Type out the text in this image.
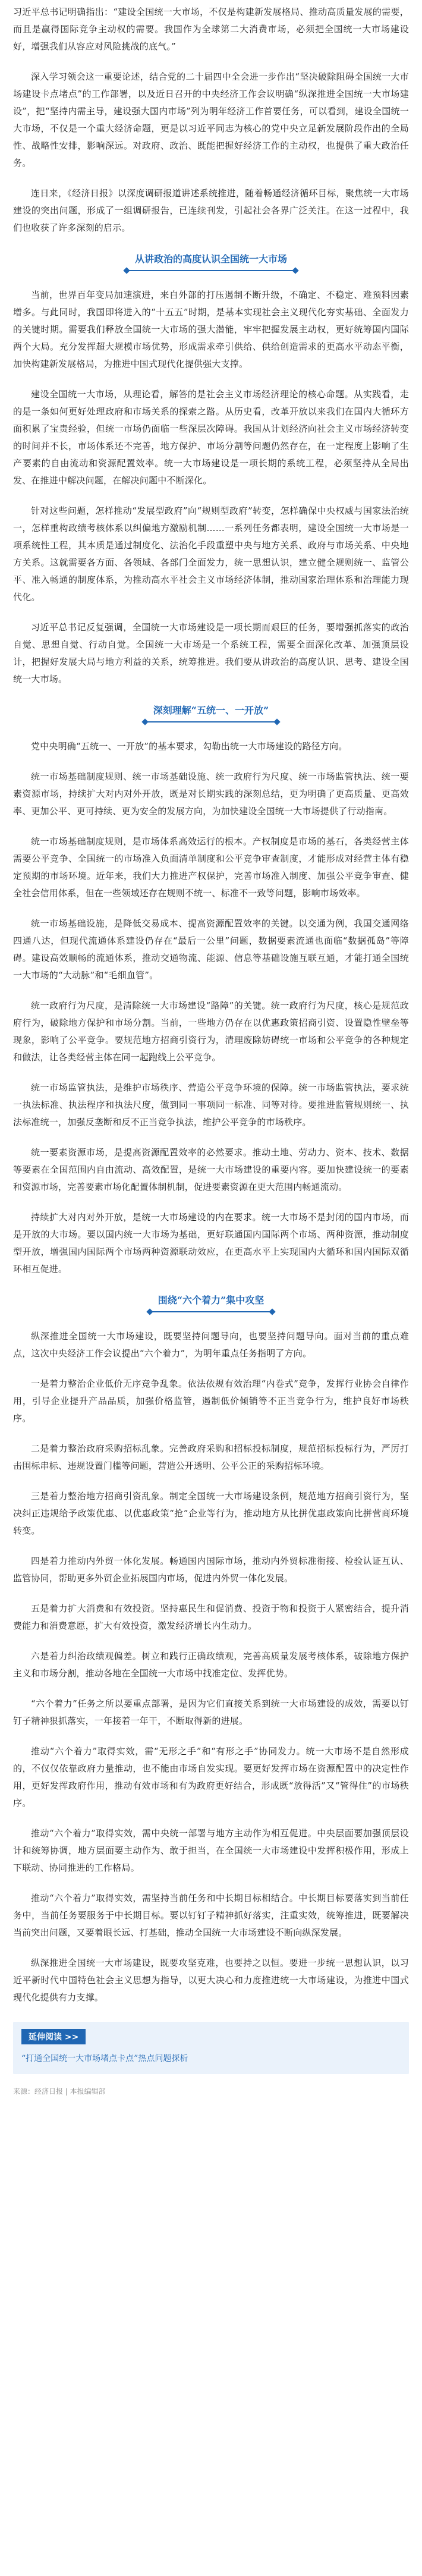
习近平总书记明确指出：“建设全国统一大市场，不仅是构建新发展格局、推动高质量发展的需要，而且是赢得国际竞争主动权的需要。我国作为全球第二大消费市场，必须把全国统一大市场建设好，增强我们从容应对风险挑战的底气。”

深入学习领会这一重要论述，结合党的二十届四中全会进一步作出“坚决破除阻碍全国统一大市场建设卡点堵点”的工作部署，以及近日召开的中央经济工作会议明确“纵深推进全国统一大市场建设”，把“坚持内需主导，建设强大国内市场”列为明年经济工作首要任务，可以看到，建设全国统一大市场，不仅是一个重大经济命题，更是以习近平同志为核心的党中央立足新发展阶段作出的全局性、战略性安排，影响深远。对政府、政治、既能把握好经济工作的主动权，也提供了重大政治任务。

连日来，《经济日报》以深度调研报道讲述系统推进，随着畅通经济循环目标，聚焦统一大市场建设的突出问题，形成了一组调研报告，已连续刊发，引起社会各界广泛关注。在这一过程中，我们也收获了许多深刻的启示。

从讲政治的高度认识全国统一大市场

当前，世界百年变局加速演进，来自外部的打压遏制不断升级，不确定、不稳定、难预料因素增多。与此同时，我国即将进入的“十五五”时期，是基本实现社会主义现代化夯实基础、全面发力的关键时期。需要我们释放全国统一大市场的强大潜能，牢牢把握发展主动权，更好统筹国内国际两个大局。充分发挥超大规模市场优势，形成需求牵引供给、供给创造需求的更高水平动态平衡，加快构建新发展格局，为推进中国式现代化提供强大支撑。

建设全国统一大市场，从理论看，解答的是社会主义市场经济理论的核心命题。从实践看，走的是一条如何更好处理政府和市场关系的探索之路。从历史看，改革开放以来我们在国内大循环方面积累了宝贵经验，但统一市场仍面临一些深层次障碍。我国从计划经济向社会主义市场经济转变的时间并不长，市场体系还不完善，地方保护、市场分割等问题仍然存在，在一定程度上影响了生产要素的自由流动和资源配置效率。统一大市场建设是一项长期的系统工程，必须坚持从全局出发、在推进中解决问题，在解决问题中不断深化。

针对这些问题，怎样推动“发展型政府”向“规则型政府”转变，怎样确保中央权威与国家法治统一，怎样重构政绩考核体系以纠偏地方激励机制……一系列任务都表明，建设全国统一大市场是一项系统性工程，其本质是通过制度化、法治化手段重塑中央与地方关系、政府与市场关系、中央地方关系。这就需要各方面、各领域、各部门全面发力，统一思想认识，建立健全规则统一、监管公平、准入畅通的制度体系，为推动高水平社会主义市场经济体制，推动国家治理体系和治理能力现代化。

习近平总书记反复强调，全国统一大市场建设是一项长期而艰巨的任务，要增强抓落实的政治自觉、思想自觉、行动自觉。全国统一大市场是一个系统工程，需要全面深化改革、加强顶层设计，把握好发展大局与地方利益的关系，统筹推进。我们要从讲政治的高度认识、思考、建设全国统一大市场。

深刻理解“五统一、一开放”

党中央明确“五统一、一开放”的基本要求，勾勒出统一大市场建设的路径方向。

统一市场基础制度规则、统一市场基础设施、统一政府行为尺度、统一市场监管执法、统一要素资源市场，持续扩大对内对外开放，既是对长期实践的深刻总结，更为明确了更高质量、更高效率、更加公平、更可持续、更为安全的发展方向，为加快建设全国统一大市场提供了行动指南。

统一市场基础制度规则，是市场体系高效运行的根本。产权制度是市场的基石，各类经营主体需要公平竞争、全国统一的市场准入负面清单制度和公平竞争审查制度，才能形成对经营主体有稳定预期的市场环境。近年来，我们大力推进产权保护，完善市场准入制度、加强公平竞争审查、健全社会信用体系，但在一些领域还存在规则不统一、标准不一致等问题，影响市场效率。

统一市场基础设施，是降低交易成本、提高资源配置效率的关键。以交通为例，我国交通网络四通八达，但现代流通体系建设仍存在“最后一公里”问题，数据要素流通也面临“数据孤岛”等障碍。建设高效顺畅的流通体系，推动交通物流、能源、信息等基础设施互联互通，才能打通全国统一大市场的“大动脉”和“毛细血管”。

统一政府行为尺度，是清除统一大市场建设“路障”的关键。统一政府行为尺度，核心是规范政府行为，破除地方保护和市场分割。当前，一些地方仍存在以优惠政策招商引资、设置隐性壁垒等现象，影响了公平竞争。要规范地方招商引资行为，清理废除妨碍统一市场和公平竞争的各种规定和做法，让各类经营主体在同一起跑线上公平竞争。

统一市场监管执法，是维护市场秩序、营造公平竞争环境的保障。统一市场监管执法，要求统一执法标准、执法程序和执法尺度，做到同一事项同一标准、同等对待。要推进监管规则统一、执法标准统一，加强反垄断和反不正当竞争执法，维护公平竞争的市场秩序。

统一要素资源市场，是提高资源配置效率的必然要求。推动土地、劳动力、资本、技术、数据等要素在全国范围内自由流动、高效配置，是统一大市场建设的重要内容。要加快建设统一的要素和资源市场，完善要素市场化配置体制机制，促进要素资源在更大范围内畅通流动。

持续扩大对内对外开放，是统一大市场建设的内在要求。统一大市场不是封闭的国内市场，而是开放的大市场。要以国内统一大市场为基础，更好联通国内国际两个市场、两种资源，推动制度型开放，增强国内国际两个市场两种资源联动效应，在更高水平上实现国内大循环和国内国际双循环相互促进。

围绕“六个着力”集中攻坚

纵深推进全国统一大市场建设，既要坚持问题导向，也要坚持问题导向。面对当前的重点难点，这次中央经济工作会议提出“六个着力”，为明年重点任务指明了方向。

一是着力整治企业低价无序竞争乱象。依法依规有效治理“内卷式”竞争，发挥行业协会自律作用，引导企业提升产品品质，加强价格监管，遏制低价倾销等不正当竞争行为，维护良好市场秩序。

二是着力整治政府采购招标乱象。完善政府采购和招标投标制度，规范招标投标行为，严厉打击围标串标、违规设置门槛等问题，营造公开透明、公平公正的采购招标环境。

三是着力整治地方招商引资乱象。制定全国统一大市场建设条例，规范地方招商引资行为，坚决纠正违规给予政策优惠、以优惠政策“抢”企业等行为，推动地方从比拼优惠政策向比拼营商环境转变。

四是着力推动内外贸一体化发展。畅通国内国际市场，推动内外贸标准衔接、检验认证互认、监管协同，帮助更多外贸企业拓展国内市场，促进内外贸一体化发展。

五是着力扩大消费和有效投资。坚持惠民生和促消费、投资于物和投资于人紧密结合，提升消费能力和消费意愿，扩大有效投资，激发经济增长内生动力。

六是着力纠治政绩观偏差。树立和践行正确政绩观，完善高质量发展考核体系，破除地方保护主义和市场分割，推动各地在全国统一大市场中找准定位、发挥优势。

“六个着力”任务之所以要重点部署，是因为它们直接关系到统一大市场建设的成效，需要以钉钉子精神狠抓落实，一年接着一年干，不断取得新的进展。

推动“六个着力”取得实效，需“无形之手”和“有形之手”协同发力。统一大市场不是自然形成的，不仅仅依靠政府力量推动，也不能由市场自发实现。要更好发挥市场在资源配置中的决定性作用，更好发挥政府作用，推动有效市场和有为政府更好结合，形成既“放得活”又“管得住”的市场秩序。

推动“六个着力”取得实效，需中央统一部署与地方主动作为相互促进。中央层面要加强顶层设计和统筹协调，地方层面要主动作为、敢于担当，在全国统一大市场建设中发挥积极作用，形成上下联动、协同推进的工作格局。

推动“六个着力”取得实效，需坚持当前任务和中长期目标相结合。中长期目标要落实到当前任务中，当前任务要服务于中长期目标。要以钉钉子精神抓好落实，注重实效，统筹推进，既要解决当前突出问题，又要着眼长远、打基础，推动全国统一大市场建设不断向纵深发展。

纵深推进全国统一大市场建设，既要攻坚克难，也要持之以恒。要进一步统一思想认识，以习近平新时代中国特色社会主义思想为指导，以更大决心和力度推进统一大市场建设，为推进中国式现代化提供有力支撑。

延伸阅读 >>
“打通全国统一大市场堵点卡点”热点问题探析
来源：经济日报 | 本报编辑部
